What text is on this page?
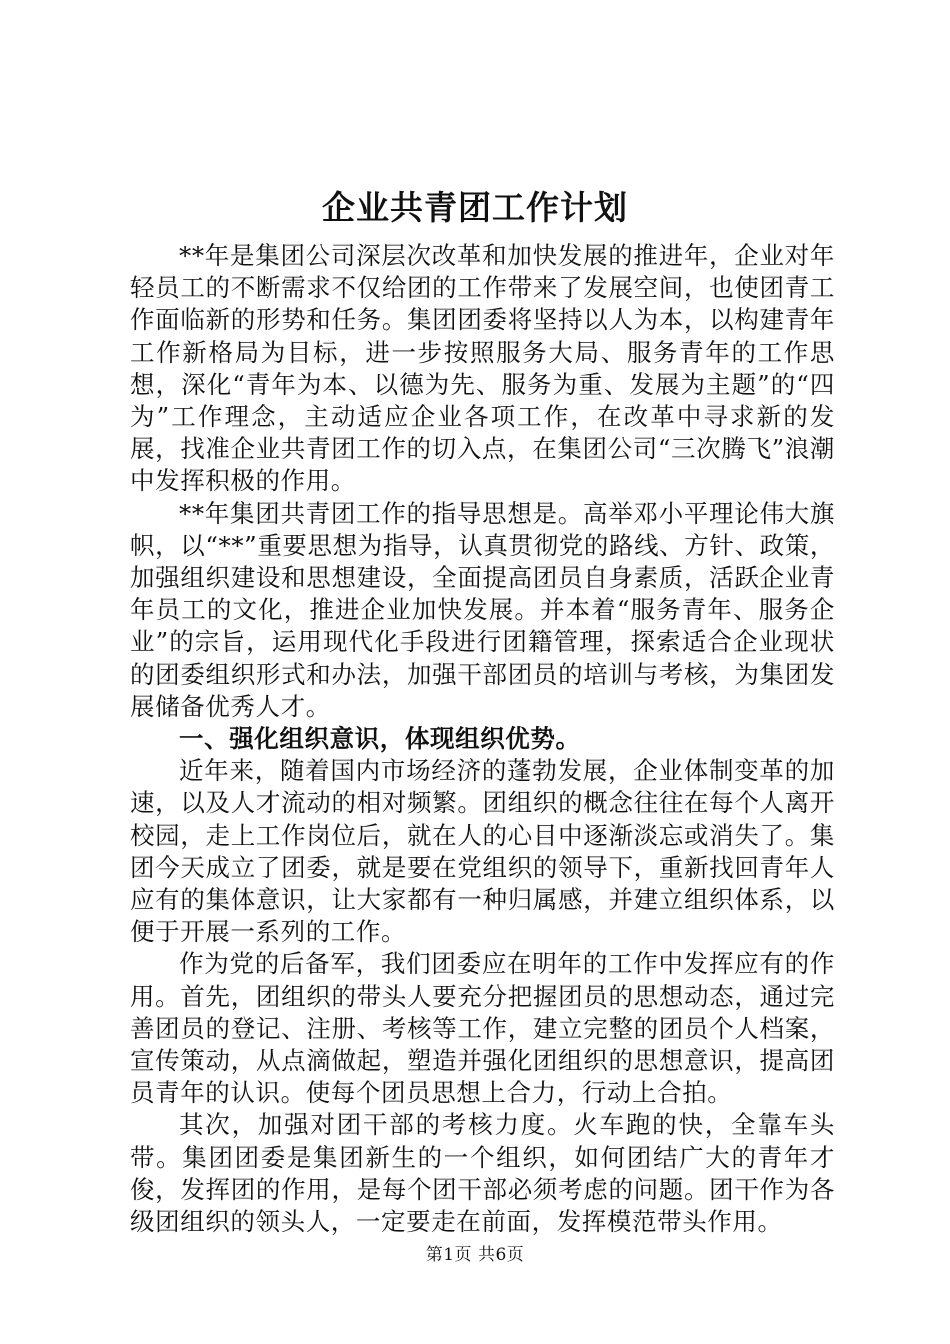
企业共青团工作计划

**年是集团公司深层次改革和加快发展的推进年，企业对年轻员工的不断需求不仅给团的工作带来了发展空间，也使团青工作面临新的形势和任务。集团团委将坚持以人为本，以构建青年工作新格局为目标，进一步按照服务大局、服务青年的工作思想，深化“青年为本、以德为先、服务为重、发展为主题”的“四为”工作理念，主动适应企业各项工作，在改革中寻求新的发展，找准企业共青团工作的切入点，在集团公司“三次腾飞”浪潮中发挥积极的作用。

**年集团共青团工作的指导思想是。高举邓小平理论伟大旗帜，以“**”重要思想为指导，认真贯彻党的路线、方针、政策，加强组织建设和思想建设，全面提高团员自身素质，活跃企业青年员工的文化，推进企业加快发展。并本着“服务青年、服务企业”的宗旨，运用现代化手段进行团籍管理，探索适合企业现状的团委组织形式和办法，加强干部团员的培训与考核，为集团发展储备优秀人才。

一、强化组织意识，体现组织优势。

近年来，随着国内市场经济的蓬勃发展，企业体制变革的加速，以及人才流动的相对频繁。团组织的概念往往在每个人离开校园，走上工作岗位后，就在人的心目中逐渐淡忘或消失了。集团今天成立了团委，就是要在党组织的领导下，重新找回青年人应有的集体意识，让大家都有一种归属感，并建立组织体系，以便于开展一系列的工作。

作为党的后备军，我们团委应在明年的工作中发挥应有的作用。首先，团组织的带头人要充分把握团员的思想动态，通过完善团员的登记、注册、考核等工作，建立完整的团员个人档案，宣传策动，从点滴做起，塑造并强化团组织的思想意识，提高团员青年的认识。使每个团员思想上合力，行动上合拍。

其次，加强对团干部的考核力度。火车跑的快，全靠车头带。集团团委是集团新生的一个组织，如何团结广大的青年才俊，发挥团的作用，是每个团干部必须考虑的问题。团干作为各级团组织的领头人，一定要走在前面，发挥模范带头作用。

第1页 共6页
